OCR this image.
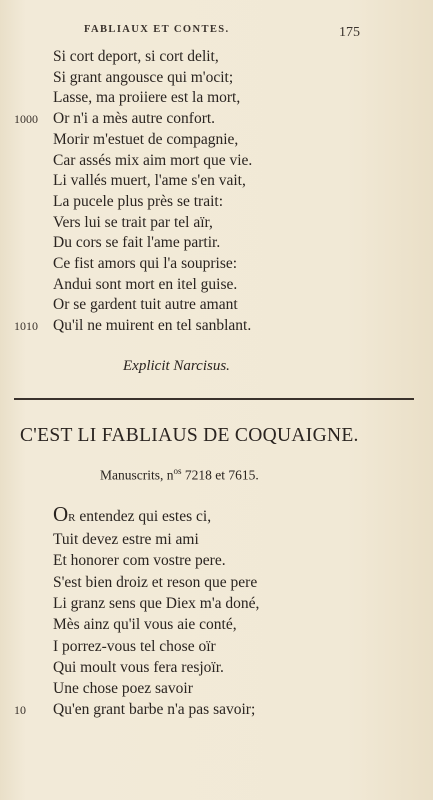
FABLIAUX ET CONTES.	175
Si cort deport, si cort delit,
Si grant angousce qui m'ocit;
Lasse, ma proiiere est la mort,
Or n'i a mès autre confort.
1000
Morir m'estuet de compagnie,
Car assés mix aim mort que vie.
Li vallés muert, l'ame s'en vait,
La pucele plus près se trait:
Vers lui se trait par tel aïr,
Du cors se fait l'ame partir.
Ce fist amors qui l'a souprise:
Andui sont mort en itel guise.
Or se gardent tuit autre amant
Qu'il ne muirent en tel sanblant.
1010
Explicit Narcisus.
C'EST LI FABLIAUS DE COQUAIGNE.
Manuscrits, $n^{os}$ 7218 et 7615.
Or entendez qui estes ci,
Tuit devez estre mi ami
Et honorer com vostre pere.
S'est bien droiz et reson que pere
Li granz sens que Diex m'a doné,
Mès ainz qu'il vous aie conté,
I porrez-vous tel chose oïr
Qui moult vous fera resjoïr.
Une chose poez savoir
Qu'en grant barbe n'a pas savoir;
10
